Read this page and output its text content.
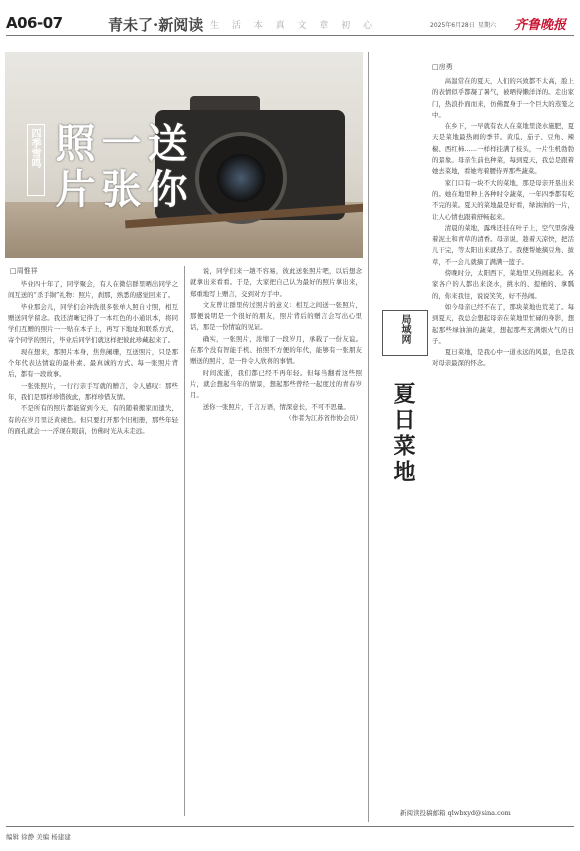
A06-07	青未了·新阅读 生 活 本 真 文 章 初 心	2025年6月28日 星期六 齐鲁晚报
四季雪鸣	送你一张照片
□周惟祥

毕业四十年了，同学聚会，有人在微信群里晒出同学之间互送的“杀手锏”礼物：照片，刹那，熟悉的感觉回来了。

毕业那会儿，同学们会冲洗很多张单人照自寸照，相互赠送同学留念。我还清晰记得了一本红色的小通讯本，将同学们互赠的照片一一贴在本子上，再写下地址和联系方式，寄个同学的照片，毕业后同学们就这样把彼此珍藏起来了。

现在想来，那照片本身，焦焦阑珊，互送照片，只是那个年代表达情谊的最朴素、最真诚的方式。每一张照片背后，都有一段故事。

一张张照片，一行行亲手写就的赠言，令人感叹：那些年，我们是那样珍惜彼此，那样珍惜友情。

不是所有的照片都能留到今天，有的随着搬家而遗失，有的在岁月里泛黄褪色。但只要打开那个旧相册，那些年轻的面孔就会一一浮现在眼前，仿佛时光从未走远。

说，同学们来一趟不容易，彼此送张照片吧，以后想念就拿出来看看。于是，大家把自己认为最好的照片拿出来，郑重地写上赠言，交到对方手中。

文友曾让群里传过照片的意义：相互之间送一张照片，那便说明是一个很好的朋友，照片背后的赠言会写出心里话，那是一份情谊的见证。

确实，一张照片，浓缩了一段岁月，承载了一份友谊。在那个没有智能手机、拍照不方便的年代，能够有一张朋友赠送的照片，是一件令人欣喜的事情。

时间流逝，我们都已经不再年轻。但每当翻看这些照片，就会想起当年的情景，想起那些曾经一起度过的青春岁月。

送你一张照片，千言万语，情深意长，不可不思量。

（作者为江苏省作协会员）

局域网
夏日菜地
□房勇

高温常在的夏天，人们的兴致都不太高，脸上的表情似乎都凝了暑气，被晒得懒洋洋的。走出家门，热浪扑面而来，仿佛置身于一个巨大的蒸笼之中。

在乡下，一早就有农人在菜地里浇水施肥，夏天是菜地最热闹的季节。黄瓜、茄子、豆角、辣椒、西红柿……一样样挂满了枝头，一片生机勃勃的景象。母亲生前也种菜，每到夏天，我总是跟着她去菜地，看她弯着腰侍弄那些蔬菜。

家门口有一块不大的菜地，那是母亲开垦出来的。她在地里种上各种时令蔬菜，一年四季都有吃不完的菜。夏天的菜地最是好看，绿油油的一片，让人心情也跟着舒畅起来。

清晨的菜地，露珠还挂在叶子上，空气里弥漫着泥土和青草的清香。母亲说，趁着天凉快，把活儿干完，等太阳出来就热了。我便帮她摘豆角、拔草，不一会儿就摘了满满一篮子。

傍晚时分，太阳西下，菜地里又热闹起来。各家各户的人都出来浇水，挑水的、提桶的、拿瓢的，你来我往，说说笑笑，好不热闹。

如今母亲已经不在了，那块菜地也荒芜了。每到夏天，我总会想起母亲在菜地里忙碌的身影，想起那些绿油油的蔬菜，想起那些充满烟火气的日子。

夏日菜地，是我心中一道永远的风景，也是我对母亲最深的怀念。

新阅读投稿邮箱 qlwbxyd@sina.com
编辑 徐静 美编 杨建建
